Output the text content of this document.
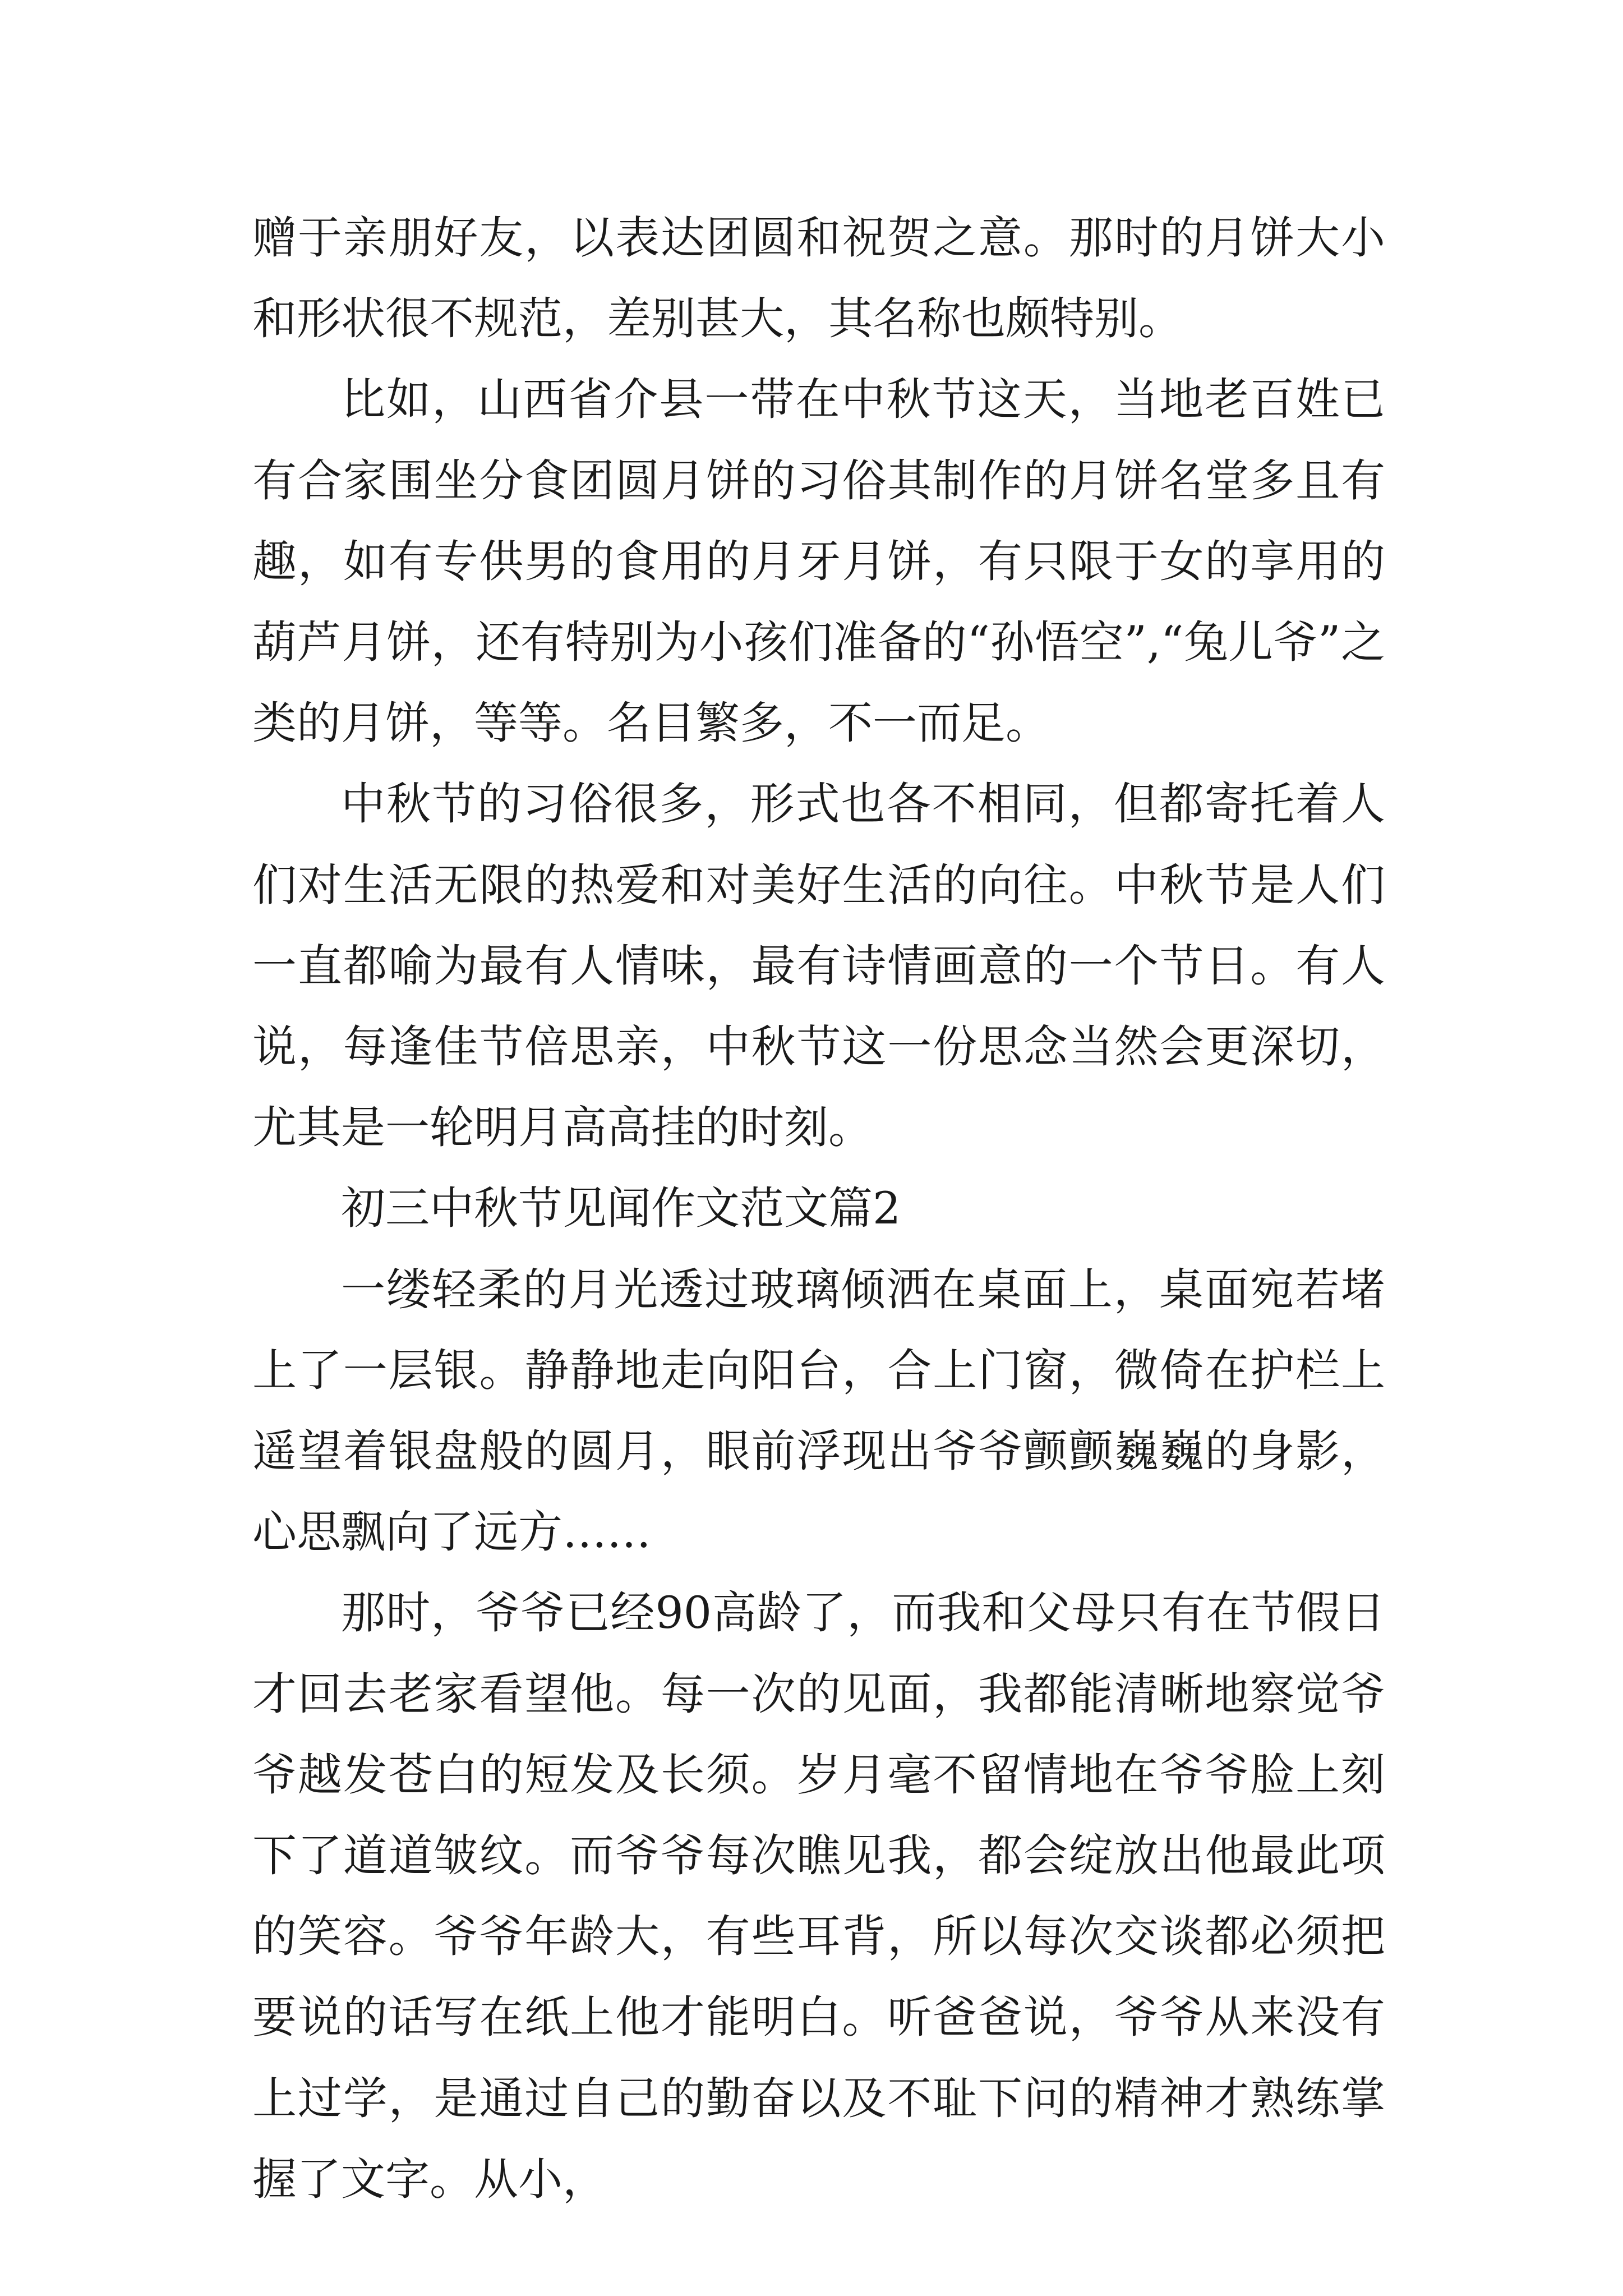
赠于亲朋好友，以表达团圆和祝贺之意。那时的月饼大小和形状很不规范，差别甚大，其名称也颇特别。

比如，山西省介县一带在中秋节这天，当地老百姓已有合家围坐分食团圆月饼的习俗其制作的月饼名堂多且有趣，如有专供男的食用的月牙月饼，有只限于女的享用的葫芦月饼，还有特别为小孩们准备的“孙悟空”,“兔儿爷”之类的月饼，等等。名目繁多，不一而足。

中秋节的习俗很多，形式也各不相同，但都寄托着人们对生活无限的热爱和对美好生活的向往。中秋节是人们一直都喻为最有人情味，最有诗情画意的一个节日。有人说，每逢佳节倍思亲，中秋节这一份思念当然会更深切，尤其是一轮明月高高挂的时刻。

初三中秋节见闻作文范文篇2

一缕轻柔的月光透过玻璃倾洒在桌面上，桌面宛若堵上了一层银。静静地走向阳台，合上门窗，微倚在护栏上遥望着银盘般的圆月，眼前浮现出爷爷颤颤巍巍的身影，心思飘向了远方……

那时，爷爷已经90高龄了，而我和父母只有在节假日才回去老家看望他。每一次的见面，我都能清晰地察觉爷爷越发苍白的短发及长须。岁月毫不留情地在爷爷脸上刻下了道道皱纹。而爷爷每次瞧见我，都会绽放出他最此项的笑容。爷爷年龄大，有些耳背，所以每次交谈都必须把要说的话写在纸上他才能明白。听爸爸说，爷爷从来没有上过学，是通过自己的勤奋以及不耻下问的精神才熟练掌握了文字。从小，
